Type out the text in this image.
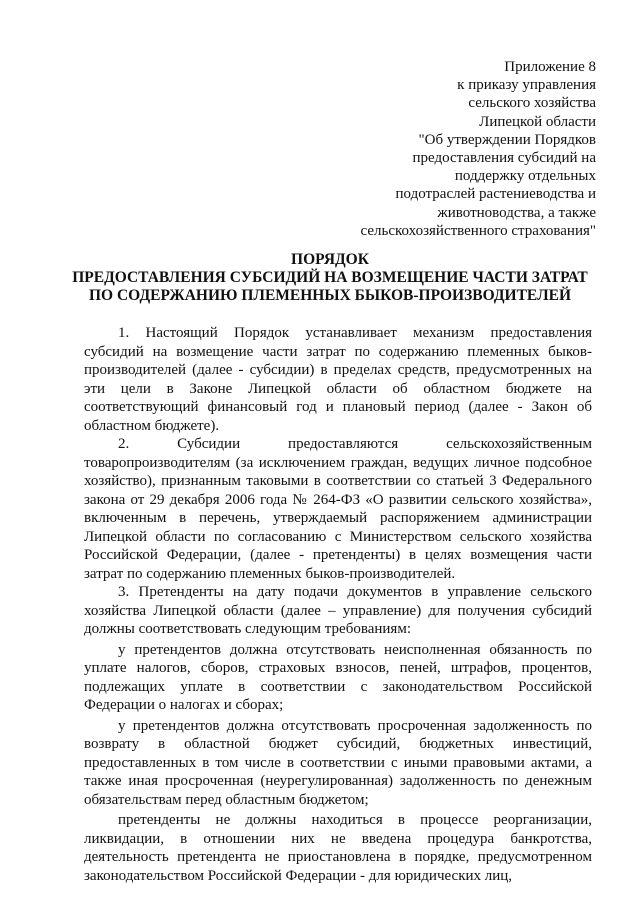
Приложение 8
к приказу управления
сельского хозяйства
Липецкой области
"Об утверждении Порядков
предоставления субсидий на
поддержку отдельных
подотраслей растениеводства и
животноводства, а также
сельскохозяйственного страхования"
ПОРЯДОК
ПРЕДОСТАВЛЕНИЯ СУБСИДИЙ НА ВОЗМЕЩЕНИЕ ЧАСТИ ЗАТРАТ
ПО СОДЕРЖАНИЮ ПЛЕМЕННЫХ БЫКОВ-ПРОИЗВОДИТЕЛЕЙ

1. Настоящий Порядок устанавливает механизм предоставления субсидий на возмещение части затрат по содержанию племенных быков-производителей (далее - субсидии) в пределах средств, предусмотренных на эти цели в Законе Липецкой области об областном бюджете на соответствующий финансовый год и плановый период (далее - Закон об областном бюджете).

2. Субсидии предоставляются сельскохозяйственным товаропроизводителям (за исключением граждан, ведущих личное подсобное хозяйство), признанным таковыми в соответствии со статьей 3 Федерального закона от 29 декабря 2006 года № 264-ФЗ «О развитии сельского хозяйства», включенным в перечень, утверждаемый распоряжением администрации Липецкой области по согласованию с Министерством сельского хозяйства Российской Федерации, (далее - претенденты) в целях возмещения части затрат по содержанию племенных быков-производителей.

3. Претенденты на дату подачи документов в управление сельского хозяйства Липецкой области (далее – управление) для получения субсидий должны соответствовать следующим требованиям:

у претендентов должна отсутствовать неисполненная обязанность по уплате налогов, сборов, страховых взносов, пеней, штрафов, процентов, подлежащих уплате в соответствии с законодательством Российской Федерации о налогах и сборах;

у претендентов должна отсутствовать просроченная задолженность по возврату в областной бюджет субсидий, бюджетных инвестиций, предоставленных в том числе в соответствии с иными правовыми актами, а также иная просроченная (неурегулированная) задолженность по денежным обязательствам перед областным бюджетом;

претенденты не должны находиться в процессе реорганизации, ликвидации, в отношении них не введена процедура банкротства, деятельность претендента не приостановлена в порядке, предусмотренном законодательством Российской Федерации - для юридических лиц,
